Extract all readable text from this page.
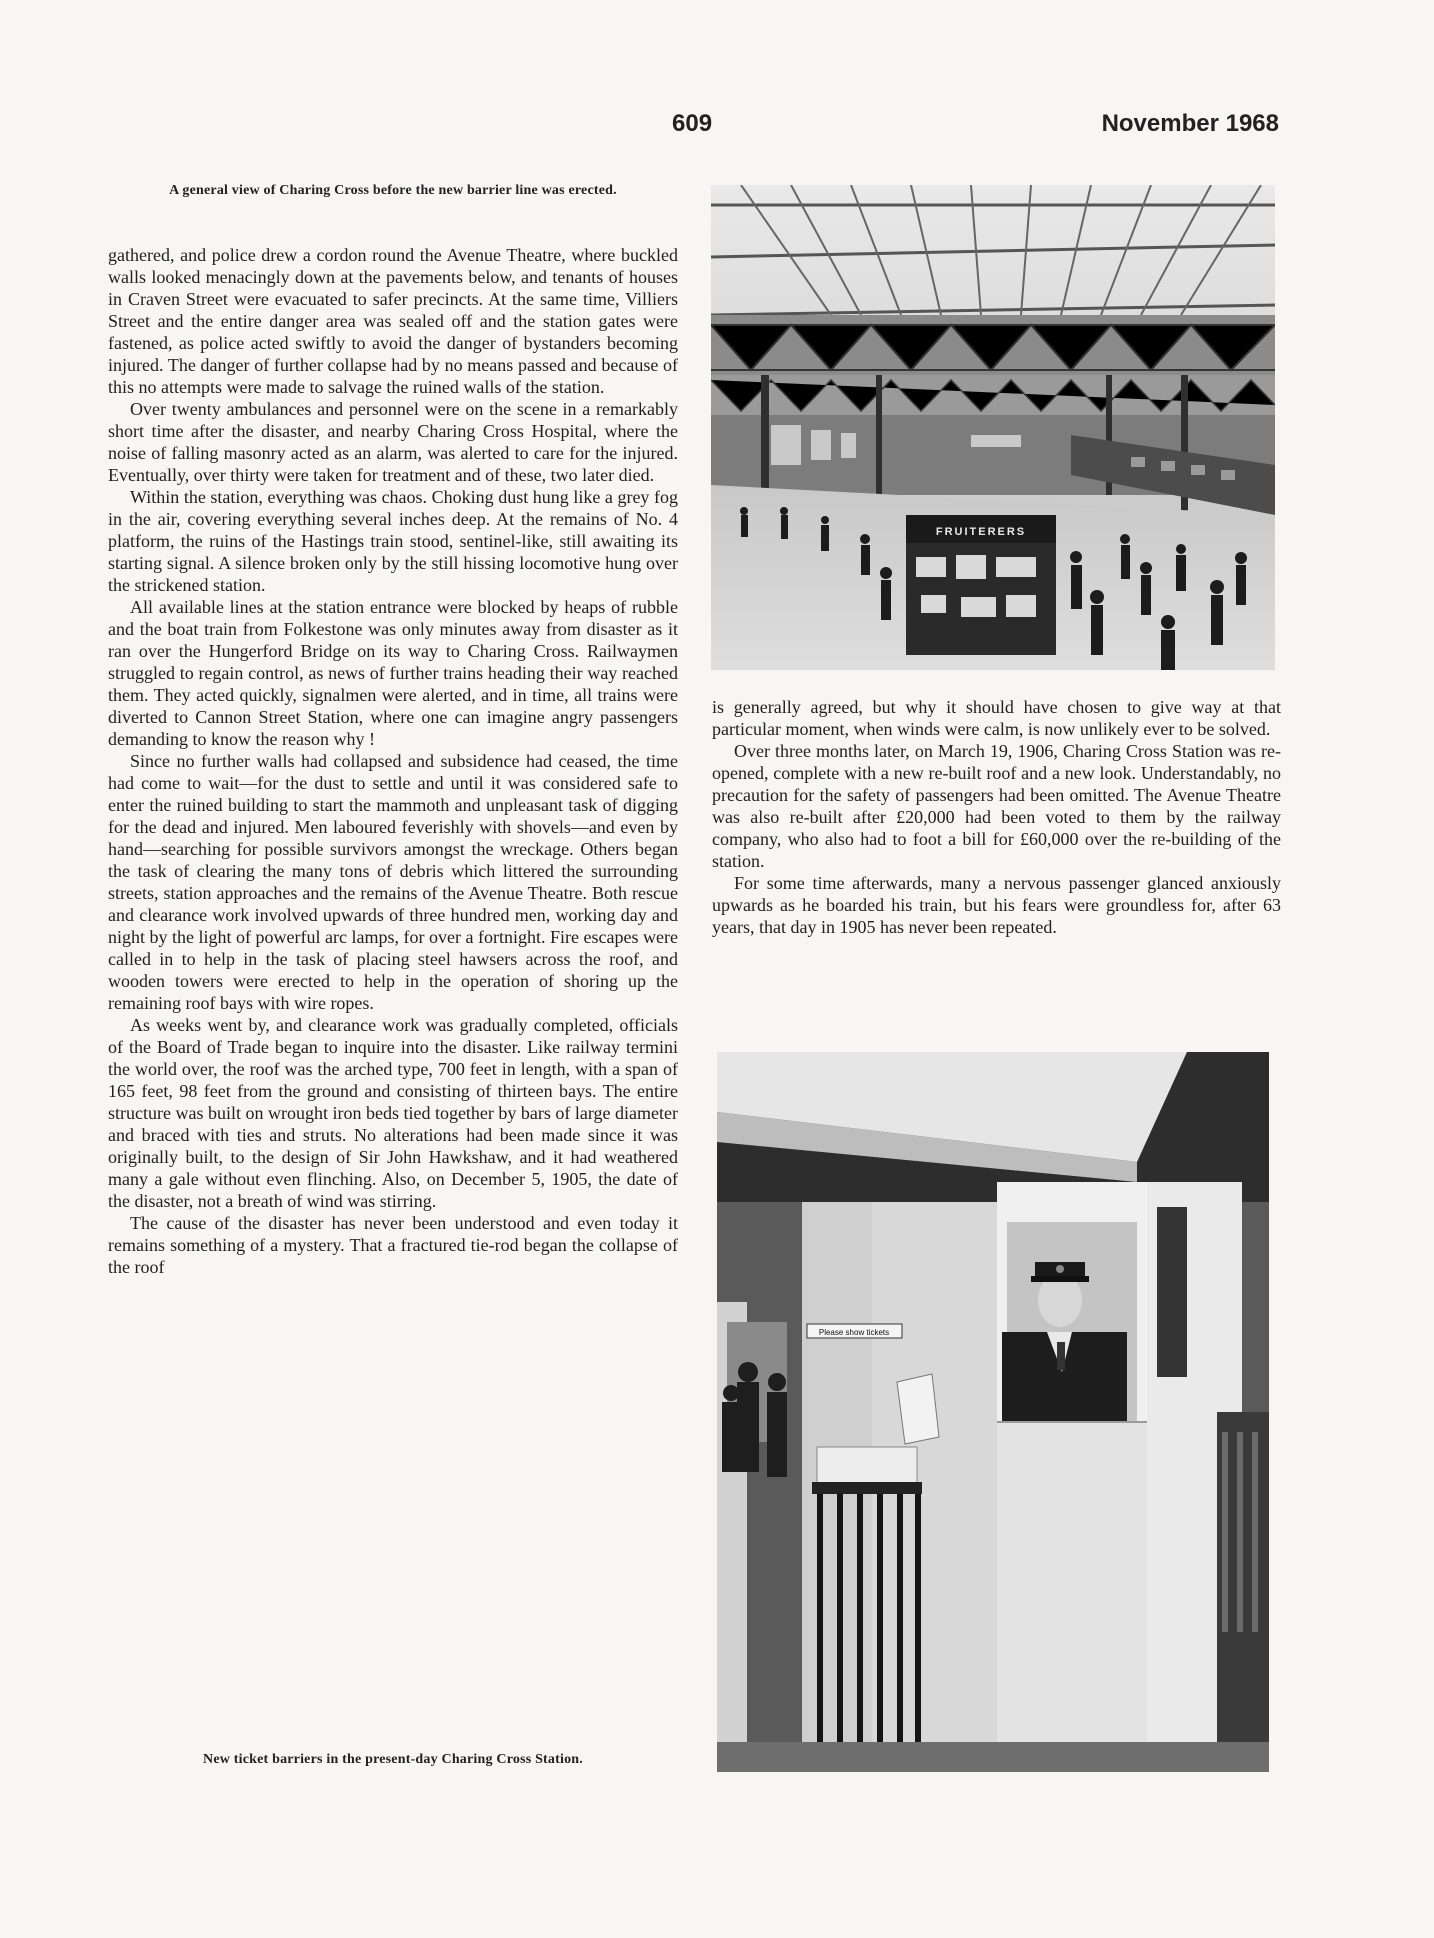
609	November 1968
A general view of Charing Cross before the new barrier line was erected.

gathered, and police drew a cordon round the Avenue Theatre, where buckled walls looked menacingly down at the pavements below, and tenants of houses in Craven Street were evacuated to safer precincts. At the same time, Villiers Street and the entire danger area was sealed off and the station gates were fastened, as police acted swiftly to avoid the danger of bystanders becoming injured. The danger of further collapse had by no means passed and because of this no attempts were made to salvage the ruined walls of the station.

Over twenty ambulances and personnel were on the scene in a remarkably short time after the disaster, and nearby Charing Cross Hospital, where the noise of falling masonry acted as an alarm, was alerted to care for the injured. Eventually, over thirty were taken for treatment and of these, two later died.

Within the station, everything was chaos. Choking dust hung like a grey fog in the air, covering everything several inches deep. At the remains of No. 4 platform, the ruins of the Hastings train stood, sentinel-like, still awaiting its starting signal. A silence broken only by the still hissing locomotive hung over the strickened station.

All available lines at the station entrance were blocked by heaps of rubble and the boat train from Folkestone was only minutes away from disaster as it ran over the Hungerford Bridge on its way to Charing Cross. Railwaymen struggled to regain control, as news of further trains heading their way reached them. They acted quickly, signalmen were alerted, and in time, all trains were diverted to Cannon Street Station, where one can imagine angry passengers demanding to know the reason why !

Since no further walls had collapsed and subsidence had ceased, the time had come to wait—for the dust to settle and until it was considered safe to enter the ruined building to start the mammoth and unpleasant task of digging for the dead and injured. Men laboured feverishly with shovels—and even by hand—searching for possible survivors amongst the wreckage. Others began the task of clearing the many tons of debris which littered the surrounding streets, station approaches and the remains of the Avenue Theatre. Both rescue and clearance work involved upwards of three hundred men, working day and night by the light of powerful arc lamps, for over a fortnight. Fire escapes were called in to help in the task of placing steel hawsers across the roof, and wooden towers were erected to help in the operation of shoring up the remaining roof bays with wire ropes.

As weeks went by, and clearance work was gradually completed, officials of the Board of Trade began to inquire into the disaster. Like railway termini the world over, the roof was the arched type, 700 feet in length, with a span of 165 feet, 98 feet from the ground and consisting of thirteen bays. The entire structure was built on wrought iron beds tied together by bars of large diameter and braced with ties and struts. No alterations had been made since it was originally built, to the design of Sir John Hawkshaw, and it had weathered many a gale without even flinching. Also, on December 5, 1905, the date of the disaster, not a breath of wind was stirring.

The cause of the disaster has never been understood and even today it remains something of a mystery. That a fractured tie-rod began the collapse of the roof

FRUITERERS

is generally agreed, but why it should have chosen to give way at that particular moment, when winds were calm, is now unlikely ever to be solved.

Over three months later, on March 19, 1906, Charing Cross Station was re-opened, complete with a new re-built roof and a new look. Understandably, no precaution for the safety of passengers had been omitted. The Avenue Theatre was also re-built after £20,000 had been voted to them by the railway company, who also had to foot a bill for £60,000 over the re-building of the station.

For some time afterwards, many a nervous passenger glanced anxiously upwards as he boarded his train, but his fears were groundless for, after 63 years, that day in 1905 has never been repeated.

Please show tickets
New ticket barriers in the present-day Charing Cross Station.
